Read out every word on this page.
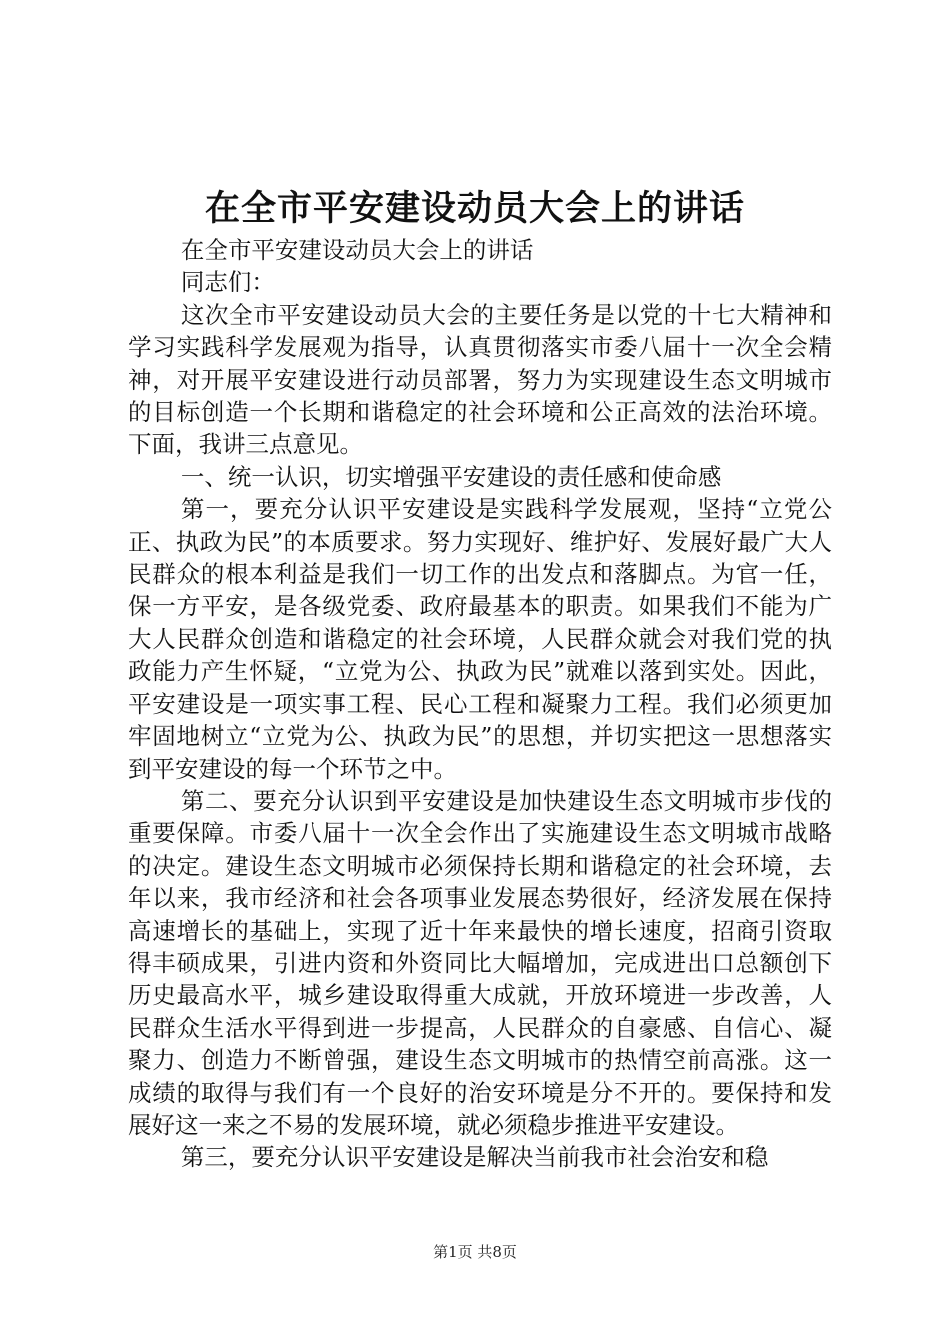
在全市平安建设动员大会上的讲话

在全市平安建设动员大会上的讲话

同志们：

这次全市平安建设动员大会的主要任务是以党的十七大精神和学习实践科学发展观为指导，认真贯彻落实市委八届十一次全会精神，对开展平安建设进行动员部署，努力为实现建设生态文明城市的目标创造一个长期和谐稳定的社会环境和公正高效的法治环境。下面，我讲三点意见。

一、统一认识，切实增强平安建设的责任感和使命感

第一，要充分认识平安建设是实践科学发展观，坚持“立党公正、执政为民”的本质要求。努力实现好、维护好、发展好最广大人民群众的根本利益是我们一切工作的出发点和落脚点。为官一任，保一方平安，是各级党委、政府最基本的职责。如果我们不能为广大人民群众创造和谐稳定的社会环境，人民群众就会对我们党的执政能力产生怀疑，“立党为公、执政为民”就难以落到实处。因此，平安建设是一项实事工程、民心工程和凝聚力工程。我们必须更加牢固地树立“立党为公、执政为民”的思想，并切实把这一思想落实到平安建设的每一个环节之中。

第二、要充分认识到平安建设是加快建设生态文明城市步伐的重要保障。市委八届十一次全会作出了实施建设生态文明城市战略的决定。建设生态文明城市必须保持长期和谐稳定的社会环境，去年以来，我市经济和社会各项事业发展态势很好，经济发展在保持高速增长的基础上，实现了近十年来最快的增长速度，招商引资取得丰硕成果，引进内资和外资同比大幅增加，完成进出口总额创下历史最高水平，城乡建设取得重大成就，开放环境进一步改善，人民群众生活水平得到进一步提高，人民群众的自豪感、自信心、凝聚力、创造力不断曾强，建设生态文明城市的热情空前高涨。这一成绩的取得与我们有一个良好的治安环境是分不开的。要保持和发展好这一来之不易的发展环境，就必须稳步推进平安建设。

第三，要充分认识平安建设是解决当前我市社会治安和稳

第1页 共8页
